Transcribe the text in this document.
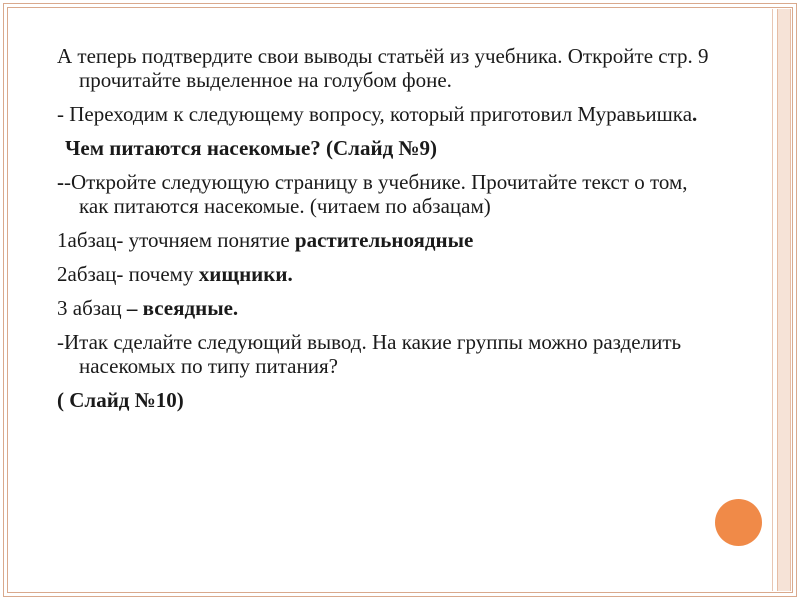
А теперь подтвердите свои выводы статьёй из учебника. Откройте стр. 9 прочитайте выделенное на голубом фоне.

- Переходим к следующему вопросу, который приготовил Муравьишка.

Чем питаются насекомые? (Слайд №9)

--Откройте следующую страницу в учебнике. Прочитайте текст о том, как питаются насекомые. (читаем по абзацам)

1абзац- уточняем понятие растительноядные

2абзац- почему хищники.

3 абзац – всеядные.

-Итак сделайте следующий вывод. На какие группы можно разделить насекомых по типу питания?

( Слайд №10)
